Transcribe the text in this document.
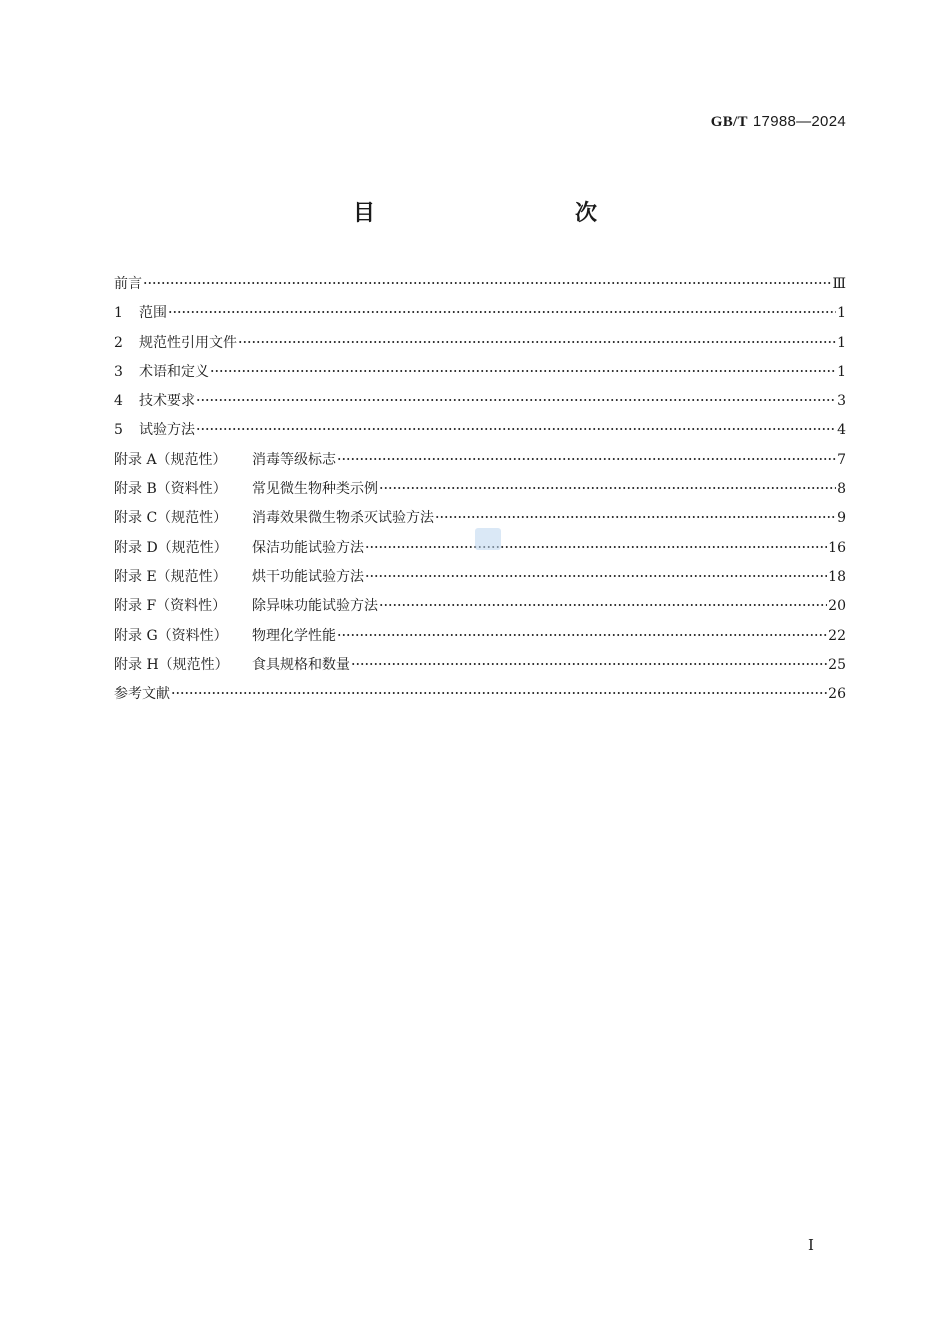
GB/T 17988—2024
目　　次
前言	Ⅲ
1 范围	1
2 规范性引用文件	1
3 术语和定义	1
4 技术要求	3
5 试验方法	4
附录 A（规范性） 消毒等级标志	7
附录 B（资料性） 常见微生物种类示例	8
附录 C（规范性） 消毒效果微生物杀灭试验方法	9
附录 D（规范性） 保洁功能试验方法	16
附录 E（规范性） 烘干功能试验方法	18
附录 F（资料性） 除异味功能试验方法	20
附录 G（资料性） 物理化学性能	22
附录 H（规范性） 食具规格和数量	25
参考文献	26
Ⅰ
